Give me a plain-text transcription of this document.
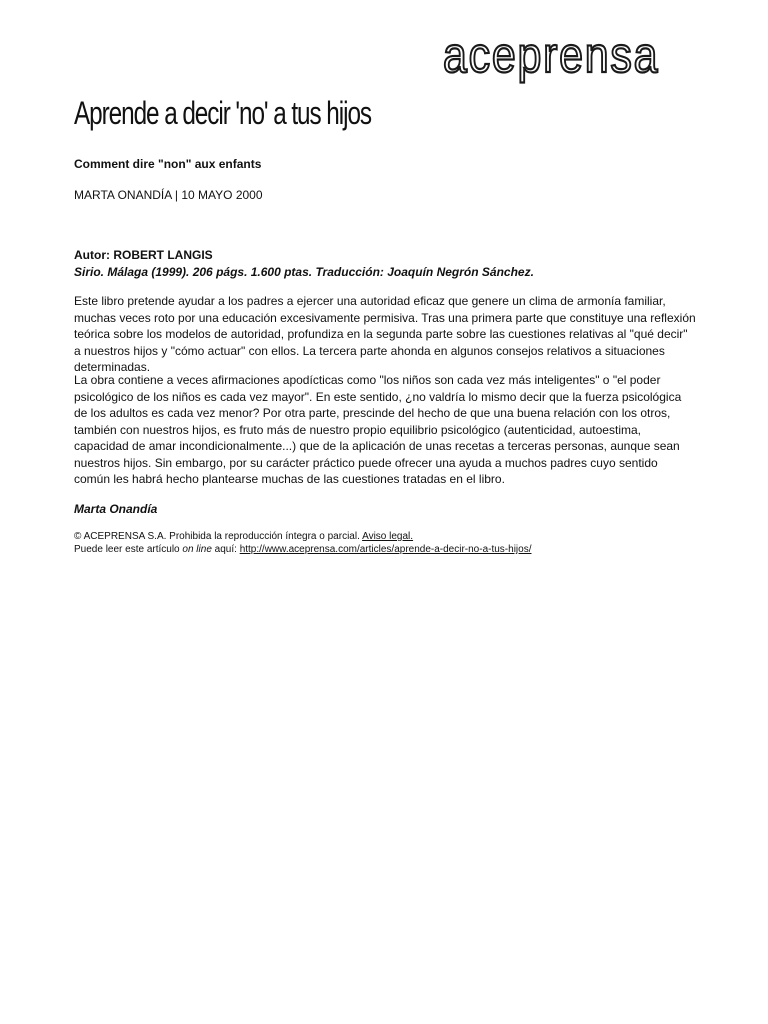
aceprensa
Aprende a decir 'no' a tus hijos
Comment dire "non" aux enfants
MARTA ONANDÍA | 10 MAYO 2000
Autor: ROBERT LANGIS
Sirio. Málaga (1999). 206 págs. 1.600 ptas. Traducción: Joaquín Negrón Sánchez.

Este libro pretende ayudar a los padres a ejercer una autoridad eficaz que genere un clima de armonía familiar, muchas veces roto por una educación excesivamente permisiva. Tras una primera parte que constituye una reflexión teórica sobre los modelos de autoridad, profundiza en la segunda parte sobre las cuestiones relativas al "qué decir" a nuestros hijos y "cómo actuar" con ellos. La tercera parte ahonda en algunos consejos relativos a situaciones determinadas.

La obra contiene a veces afirmaciones apodícticas como "los niños son cada vez más inteligentes" o "el poder psicológico de los niños es cada vez mayor". En este sentido, ¿no valdría lo mismo decir que la fuerza psicológica de los adultos es cada vez menor? Por otra parte, prescinde del hecho de que una buena relación con los otros, también con nuestros hijos, es fruto más de nuestro propio equilibrio psicológico (autenticidad, autoestima, capacidad de amar incondicionalmente...) que de la aplicación de unas recetas a terceras personas, aunque sean nuestros hijos. Sin embargo, por su carácter práctico puede ofrecer una ayuda a muchos padres cuyo sentido común les habrá hecho plantearse muchas de las cuestiones tratadas en el libro.

Marta Onandía
© ACEPRENSA S.A. Prohibida la reproducción íntegra o parcial. Aviso legal.
Puede leer este artículo on line aquí: http://www.aceprensa.com/articles/aprende-a-decir-no-a-tus-hijos/
